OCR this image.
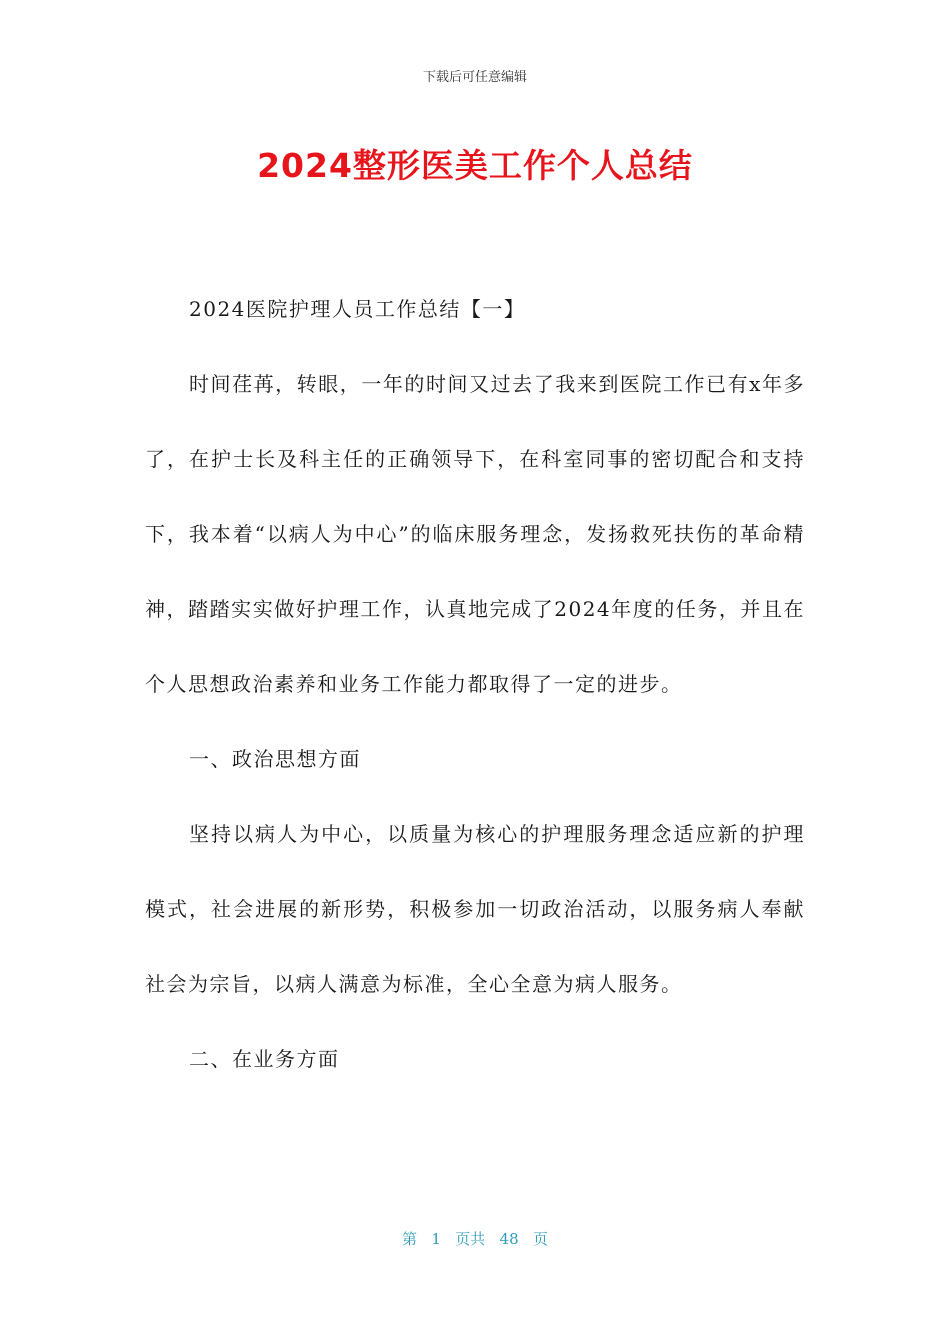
下载后可任意编辑
2024整形医美工作个人总结

2024医院护理人员工作总结【一】

时间荏苒，转眼，一年的时间又过去了我来到医院工作已有x年多了，在护士长及科主任的正确领导下，在科室同事的密切配合和支持下，我本着“以病人为中心”的临床服务理念，发扬救死扶伤的革命精神，踏踏实实做好护理工作，认真地完成了2024年度的任务，并且在个人思想政治素养和业务工作能力都取得了一定的进步。

一、政治思想方面

坚持以病人为中心，以质量为核心的护理服务理念适应新的护理模式，社会进展的新形势，积极参加一切政治活动，以服务病人奉献社会为宗旨，以病人满意为标准，全心全意为病人服务。

二、在业务方面

第 1 页共 48 页
